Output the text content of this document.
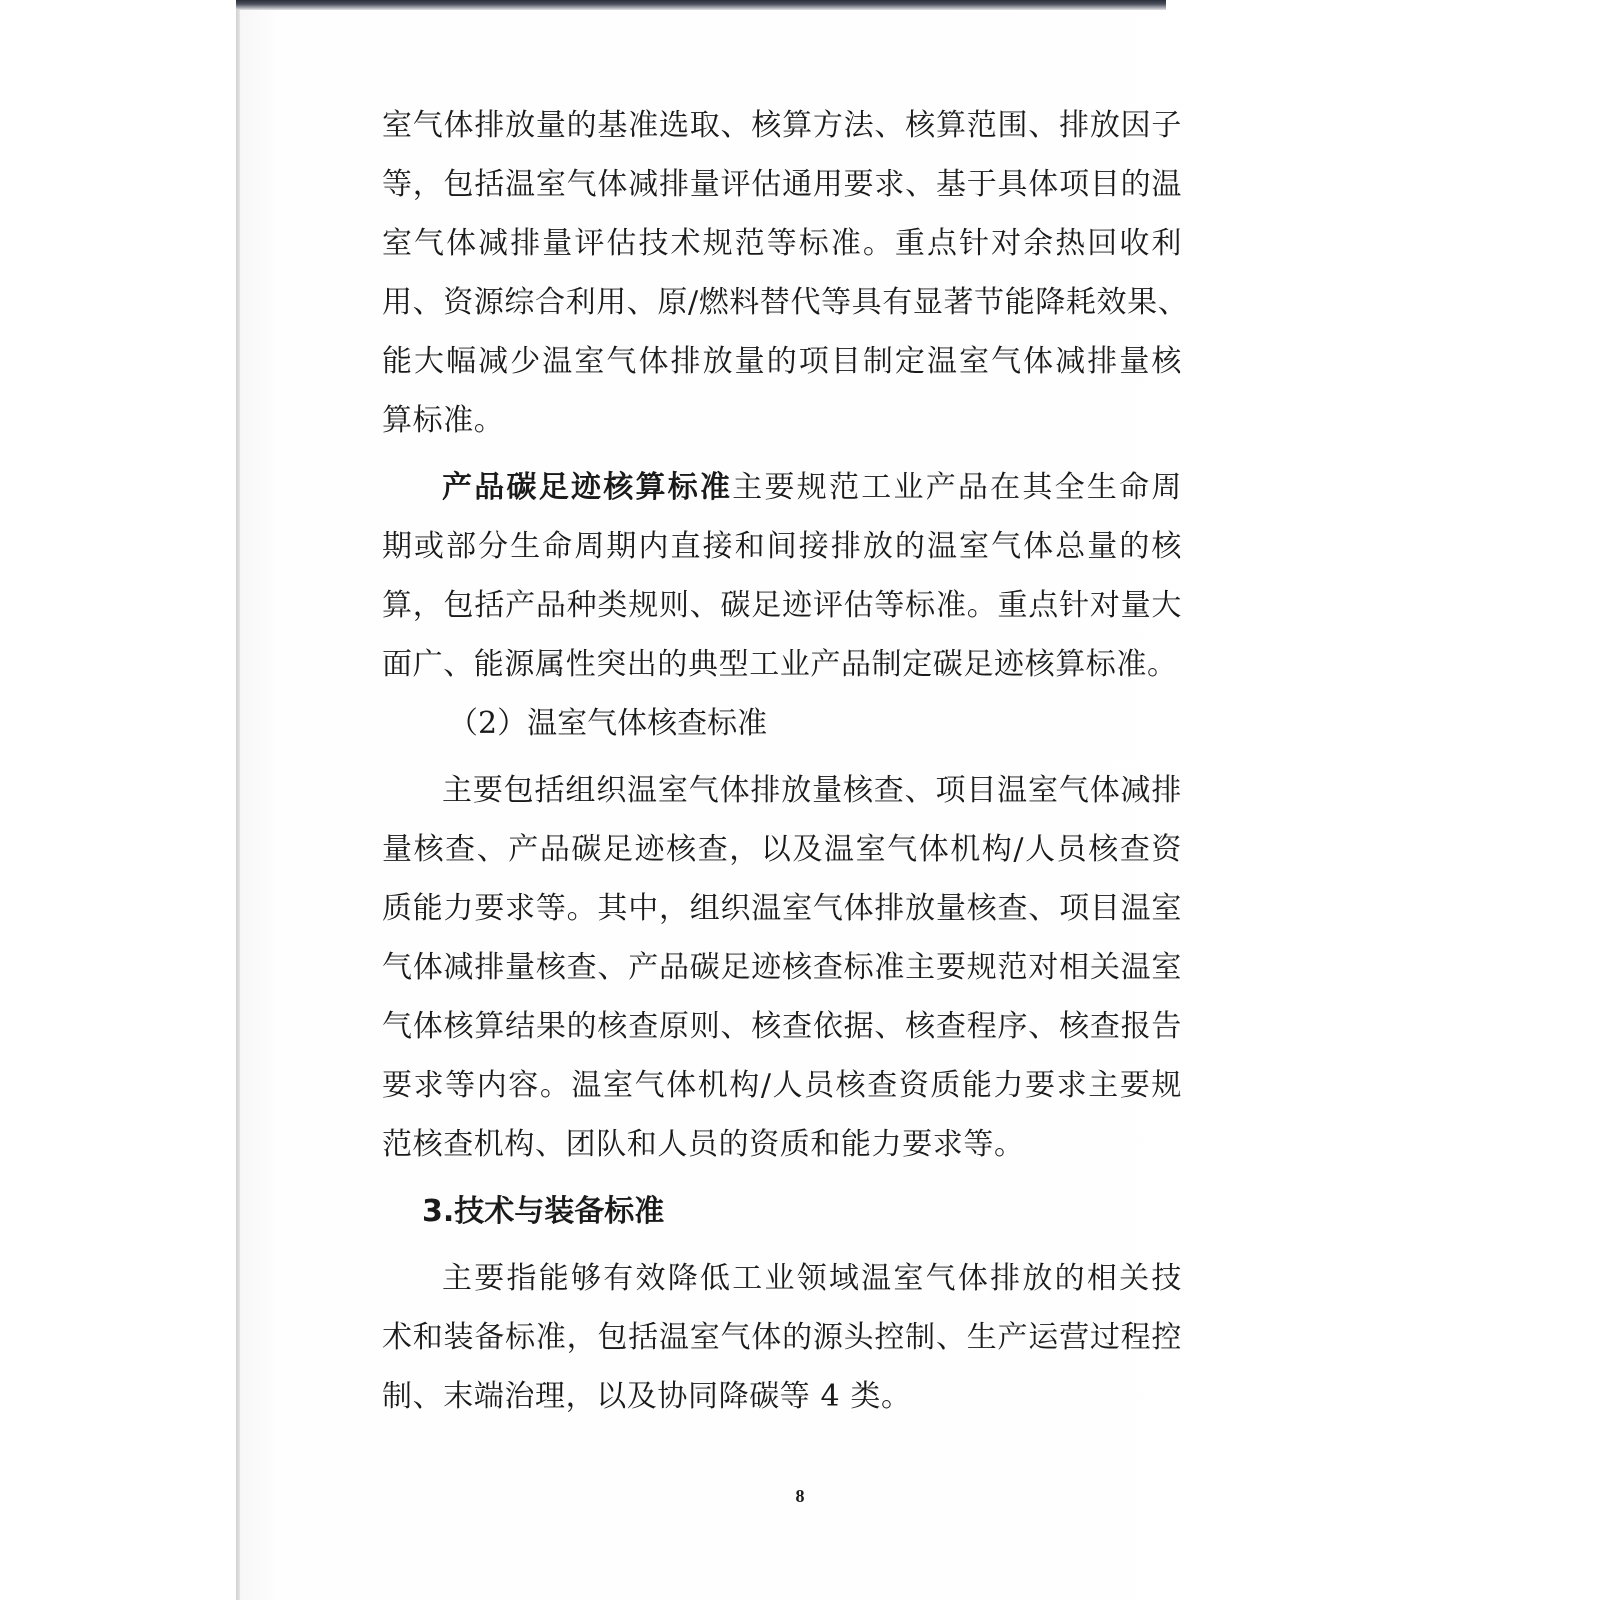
室气体排放量的基准选取、核算方法、核算范围、排放因子
等，包括温室气体减排量评估通用要求、基于具体项目的温
室气体减排量评估技术规范等标准。重点针对余热回收利
用、资源综合利用、原/燃料替代等具有显著节能降耗效果、
能大幅减少温室气体排放量的项目制定温室气体减排量核
算标准。

产品碳足迹核算标准主要规范工业产品在其全生命周
期或部分生命周期内直接和间接排放的温室气体总量的核
算，包括产品种类规则、碳足迹评估等标准。重点针对量大
面广、能源属性突出的典型工业产品制定碳足迹核算标准。

（2）温室气体核查标准

主要包括组织温室气体排放量核查、项目温室气体减排
量核查、产品碳足迹核查，以及温室气体机构/人员核查资
质能力要求等。其中，组织温室气体排放量核查、项目温室
气体减排量核查、产品碳足迹核查标准主要规范对相关温室
气体核算结果的核查原则、核查依据、核查程序、核查报告
要求等内容。温室气体机构/人员核查资质能力要求主要规
范核查机构、团队和人员的资质和能力要求等。

3.技术与装备标准

主要指能够有效降低工业领域温室气体排放的相关技
术和装备标准，包括温室气体的源头控制、生产运营过程控
制、末端治理，以及协同降碳等 4 类。

8
